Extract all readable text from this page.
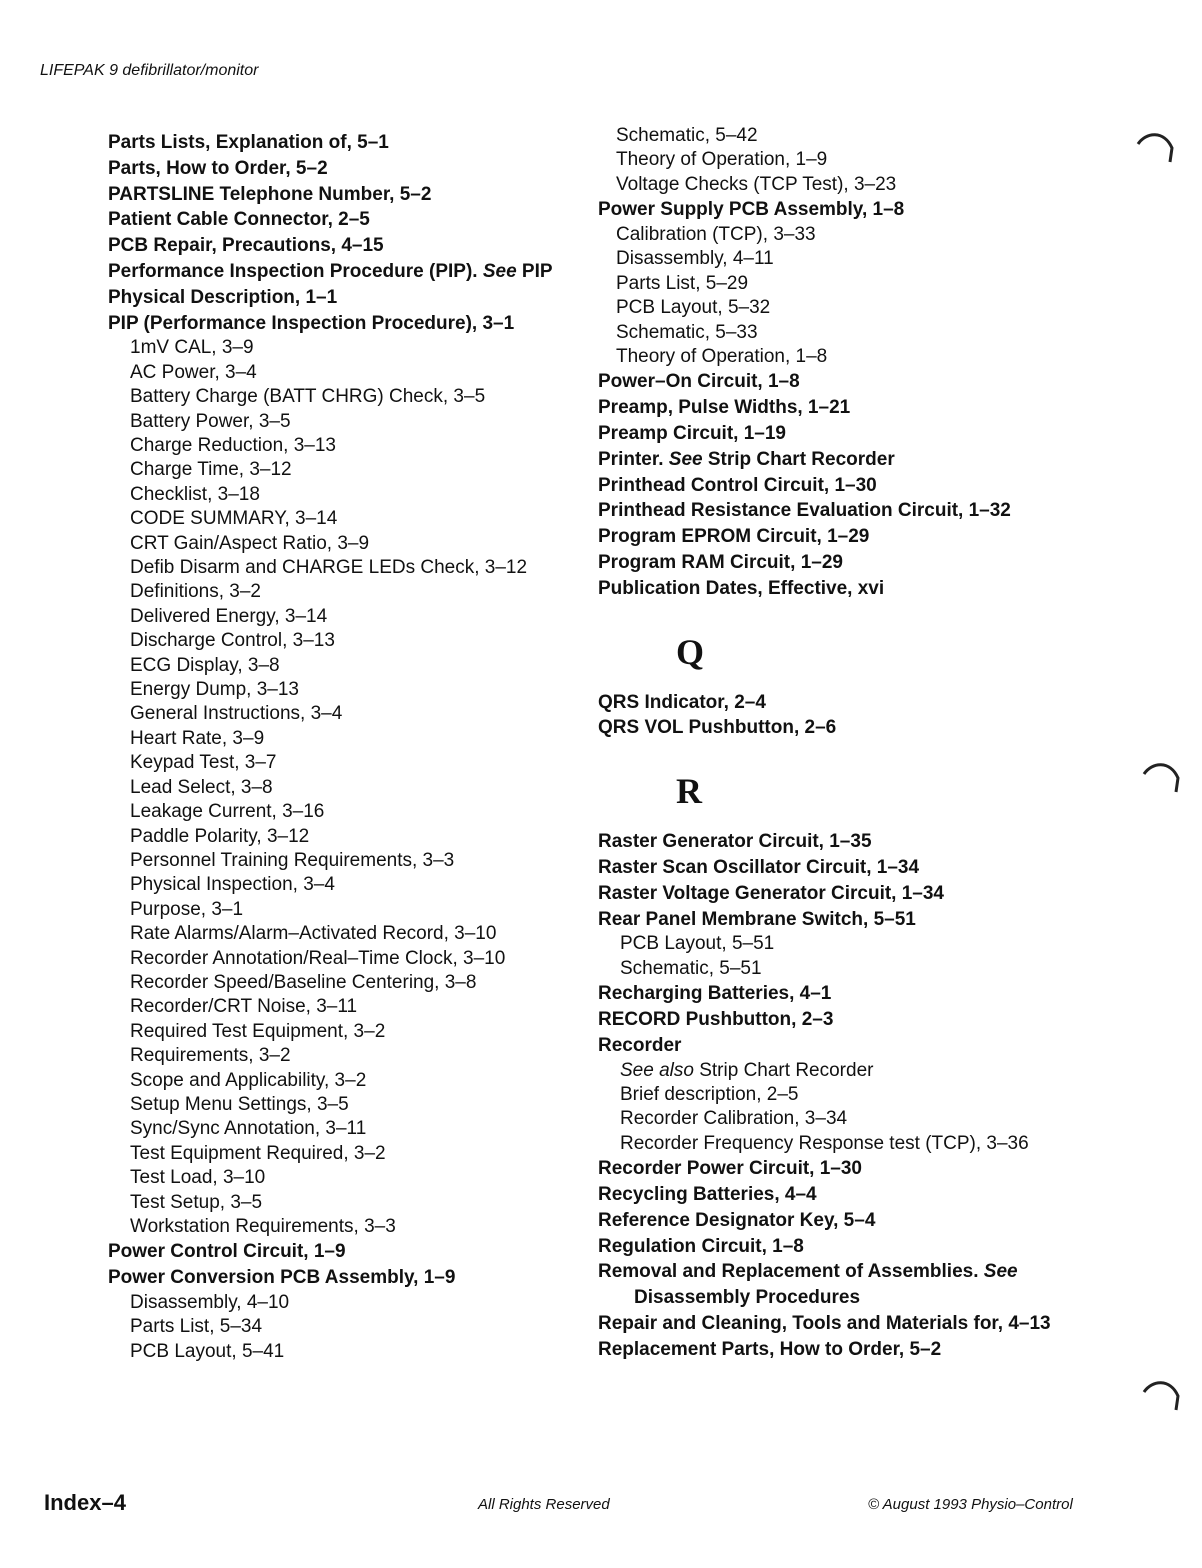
LIFEPAK 9 defibrillator/monitor
Parts Lists, Explanation of, 5–1
Parts, How to Order, 5–2
PARTSLINE Telephone Number, 5–2
Patient Cable Connector, 2–5
PCB Repair, Precautions, 4–15
Performance Inspection Procedure (PIP). See PIP
Physical Description, 1–1
PIP (Performance Inspection Procedure), 3–1
1mV CAL, 3–9
AC Power, 3–4
Battery Charge (BATT CHRG) Check, 3–5
Battery Power, 3–5
Charge Reduction, 3–13
Charge Time, 3–12
Checklist, 3–18
CODE SUMMARY, 3–14
CRT Gain/Aspect Ratio, 3–9
Defib Disarm and CHARGE LEDs Check, 3–12
Definitions, 3–2
Delivered Energy, 3–14
Discharge Control, 3–13
ECG Display, 3–8
Energy Dump, 3–13
General Instructions, 3–4
Heart Rate, 3–9
Keypad Test, 3–7
Lead Select, 3–8
Leakage Current, 3–16
Paddle Polarity, 3–12
Personnel Training Requirements, 3–3
Physical Inspection, 3–4
Purpose, 3–1
Rate Alarms/Alarm–Activated Record, 3–10
Recorder Annotation/Real–Time Clock, 3–10
Recorder Speed/Baseline Centering, 3–8
Recorder/CRT Noise, 3–11
Required Test Equipment, 3–2
Requirements, 3–2
Scope and Applicability, 3–2
Setup Menu Settings, 3–5
Sync/Sync Annotation, 3–11
Test Equipment Required, 3–2
Test Load, 3–10
Test Setup, 3–5
Workstation Requirements, 3–3
Power Control Circuit, 1–9
Power Conversion PCB Assembly, 1–9
Disassembly, 4–10
Parts List, 5–34
PCB Layout, 5–41
Schematic, 5–42
Theory of Operation, 1–9
Voltage Checks (TCP Test), 3–23
Power Supply PCB Assembly, 1–8
Calibration (TCP), 3–33
Disassembly, 4–11
Parts List, 5–29
PCB Layout, 5–32
Schematic, 5–33
Theory of Operation, 1–8
Power–On Circuit, 1–8
Preamp, Pulse Widths, 1–21
Preamp Circuit, 1–19
Printer. See Strip Chart Recorder
Printhead Control Circuit, 1–30
Printhead Resistance Evaluation Circuit, 1–32
Program EPROM Circuit, 1–29
Program RAM Circuit, 1–29
Publication Dates, Effective, xvi
Q
QRS Indicator, 2–4
QRS VOL Pushbutton, 2–6
R
Raster Generator Circuit, 1–35
Raster Scan Oscillator Circuit, 1–34
Raster Voltage Generator Circuit, 1–34
Rear Panel Membrane Switch, 5–51
PCB Layout, 5–51
Schematic, 5–51
Recharging Batteries, 4–1
RECORD Pushbutton, 2–3
Recorder
See also Strip Chart Recorder
Brief description, 2–5
Recorder Calibration, 3–34
Recorder Frequency Response test (TCP), 3–36
Recorder Power Circuit, 1–30
Recycling Batteries, 4–4
Reference Designator Key, 5–4
Regulation Circuit, 1–8
Removal and Replacement of Assemblies. See
Disassembly Procedures
Repair and Cleaning, Tools and Materials for, 4–13
Replacement Parts, How to Order, 5–2
Index–4	All Rights Reserved	© August 1993 Physio–Control
